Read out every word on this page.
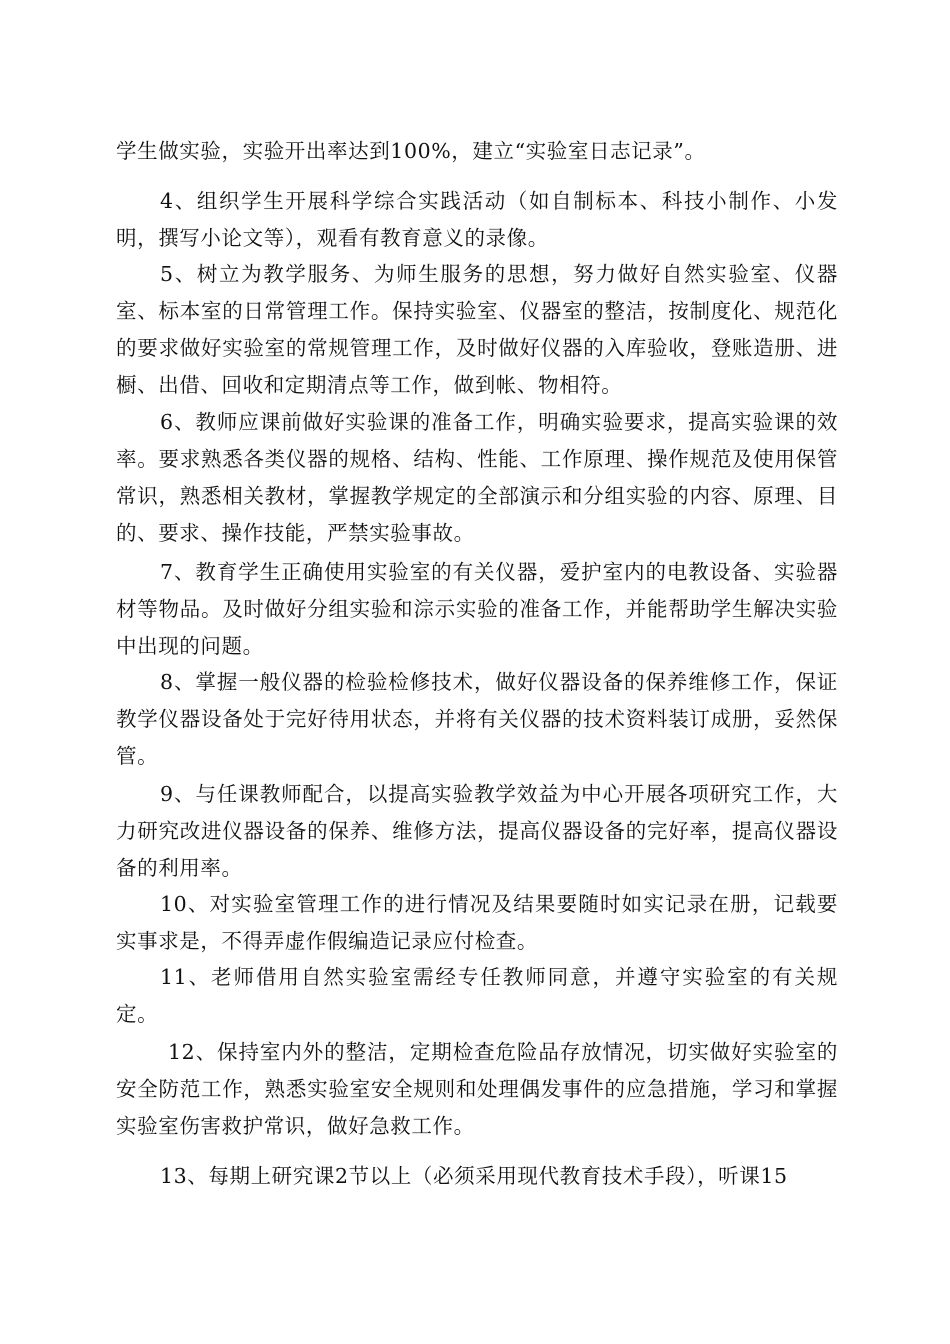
学生做实验，实验开出率达到100%，建立“实验室日志记录”。

4、组织学生开展科学综合实践活动（如自制标本、科技小制作、小发明，撰写小论文等），观看有教育意义的录像。

5、树立为教学服务、为师生服务的思想，努力做好自然实验室、仪器室、标本室的日常管理工作。保持实验室、仪器室的整洁，按制度化、规范化的要求做好实验室的常规管理工作，及时做好仪器的入库验收，登账造册、进橱、出借、回收和定期清点等工作，做到帐、物相符。

6、教师应课前做好实验课的准备工作，明确实验要求，提高实验课的效率。要求熟悉各类仪器的规格、结构、性能、工作原理、操作规范及使用保管常识，熟悉相关教材，掌握教学规定的全部演示和分组实验的内容、原理、目的、要求、操作技能，严禁实验事故。

7、教育学生正确使用实验室的有关仪器，爱护室内的电教设备、实验器材等物品。及时做好分组实验和淙示实验的准备工作，并能帮助学生解决实验中出现的问题。

8、掌握一般仪器的检验检修技术，做好仪器设备的保养维修工作，保证教学仪器设备处于完好待用状态，并将有关仪器的技术资料装订成册，妥然保管。

9、与任课教师配合，以提高实验教学效益为中心开展各项研究工作，大力研究改进仪器设备的保养、维修方法，提高仪器设备的完好率，提高仪器设备的利用率。

10、对实验室管理工作的进行情况及结果要随时如实记录在册，记载要实事求是，不得弄虚作假编造记录应付检查。

11、老师借用自然实验室需经专任教师同意，并遵守实验室的有关规定。

12、保持室内外的整洁，定期检查危险品存放情况，切实做好实验室的安全防范工作，熟悉实验室安全规则和处理偶发事件的应急措施，学习和掌握实验室伤害救护常识，做好急救工作。

13、每期上研究课2节以上（必须采用现代教育技术手段），听课15
